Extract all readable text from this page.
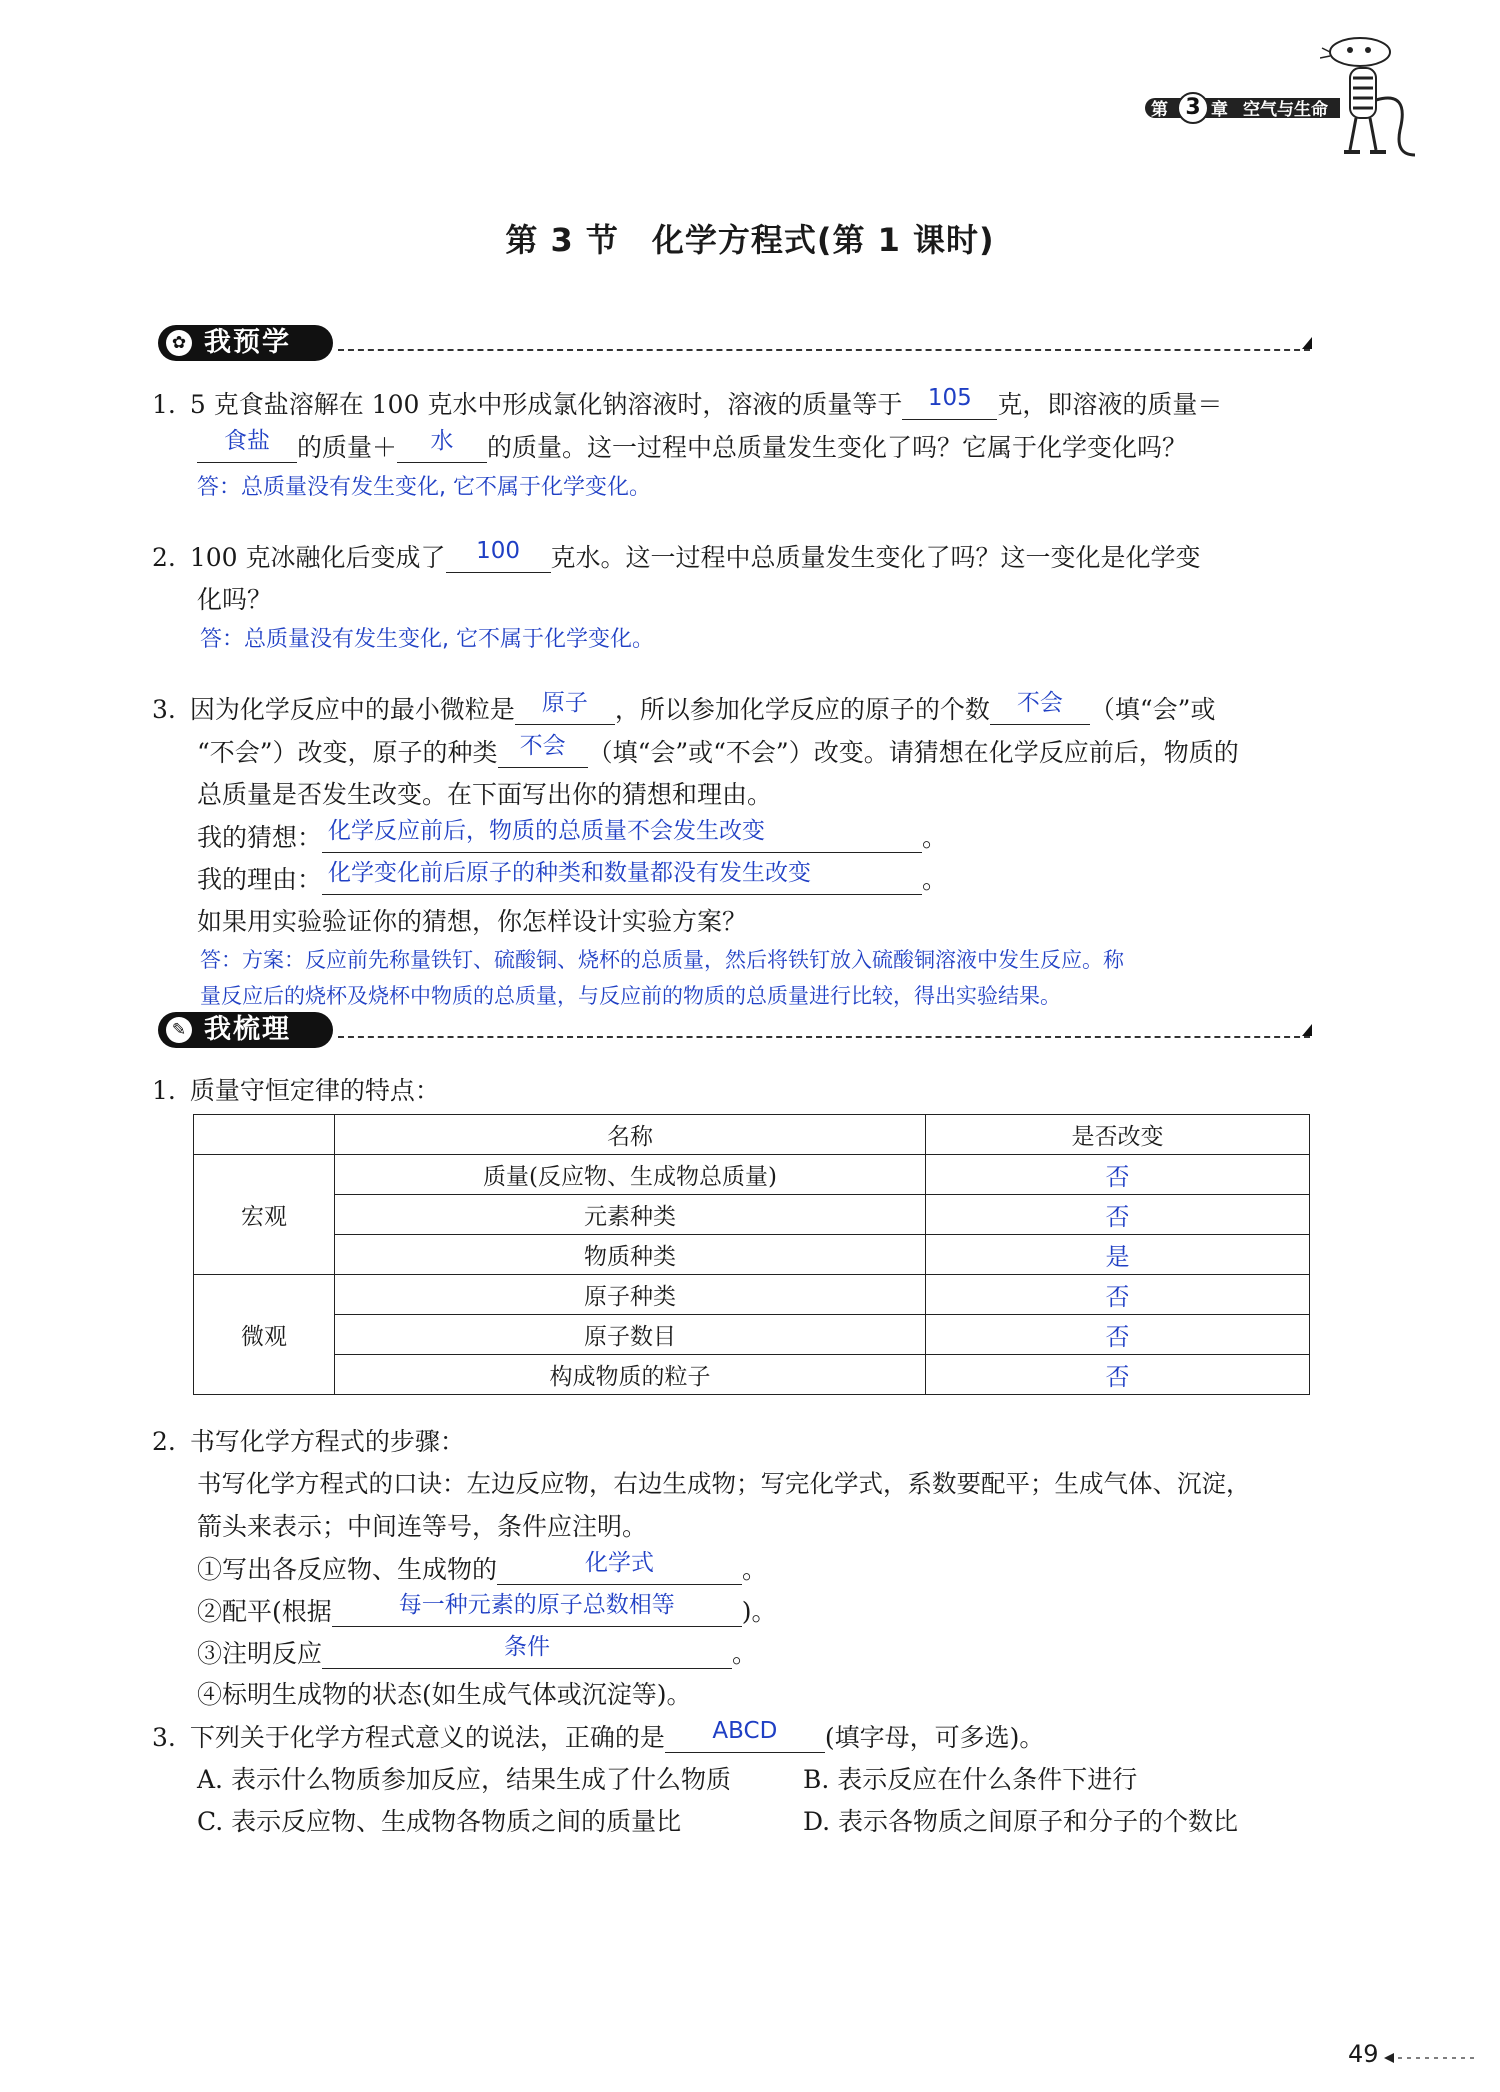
第 3 章 空气与生命
第 3 节　化学方程式(第 1 课时)
✿ 我预学
1. 5 克食盐溶解在 100 克水中形成氯化钠溶液时，溶液的质量等于	105	克，即溶液的质量＝
食盐	的质量＋	水	的质量。这一过程中总质量发生变化了吗？它属于化学变化吗？
答：总质量没有发生变化, 它不属于化学变化。
2. 100 克冰融化后变成了	100	克水。这一过程中总质量发生变化了吗？这一变化是化学变
化吗？
答：总质量没有发生变化, 它不属于化学变化。
3. 因为化学反应中的最小微粒是	原子	，所以参加化学反应的原子的个数	不会	（填“会”或
“不会”）改变，原子的种类 不会 （填“会”或“不会”）改变。请猜想在化学反应前后，物质的
总质量是否发生改变。在下面写出你的猜想和理由。
我的猜想： 化学反应前后，物质的总质量不会发生改变	。
我的理由： 化学变化前后原子的种类和数量都没有发生改变	。
如果用实验验证你的猜想，你怎样设计实验方案？
答：方案：反应前先称量铁钉、硫酸铜、烧杯的总质量，然后将铁钉放入硫酸铜溶液中发生反应。称
量反应后的烧杯及烧杯中物质的总质量，与反应前的物质的总质量进行比较，得出实验结果。
✎ 我梳理
1. 质量守恒定律的特点：
	名称	是否改变
宏观	质量(反应物、生成物总质量)	否
	元素种类	否
	物质种类	是
微观	原子种类	否
	原子数目	否
	构成物质的粒子	否
2. 书写化学方程式的步骤：
书写化学方程式的口诀：左边反应物，右边生成物；写完化学式，系数要配平；生成气体、沉淀，
箭头来表示；中间连等号，条件应注明。
①写出各反应物、生成物的	化学式	。
②配平(根据	每一种元素的原子总数相等	)。
③注明反应	条件	。
④标明生成物的状态(如生成气体或沉淀等)。
3. 下列关于化学方程式意义的说法，正确的是	ABCD	(填字母，可多选)。
A. 表示什么物质参加反应，结果生成了什么物质	B. 表示反应在什么条件下进行
C. 表示反应物、生成物各物质之间的质量比	D. 表示各物质之间原子和分子的个数比
49
